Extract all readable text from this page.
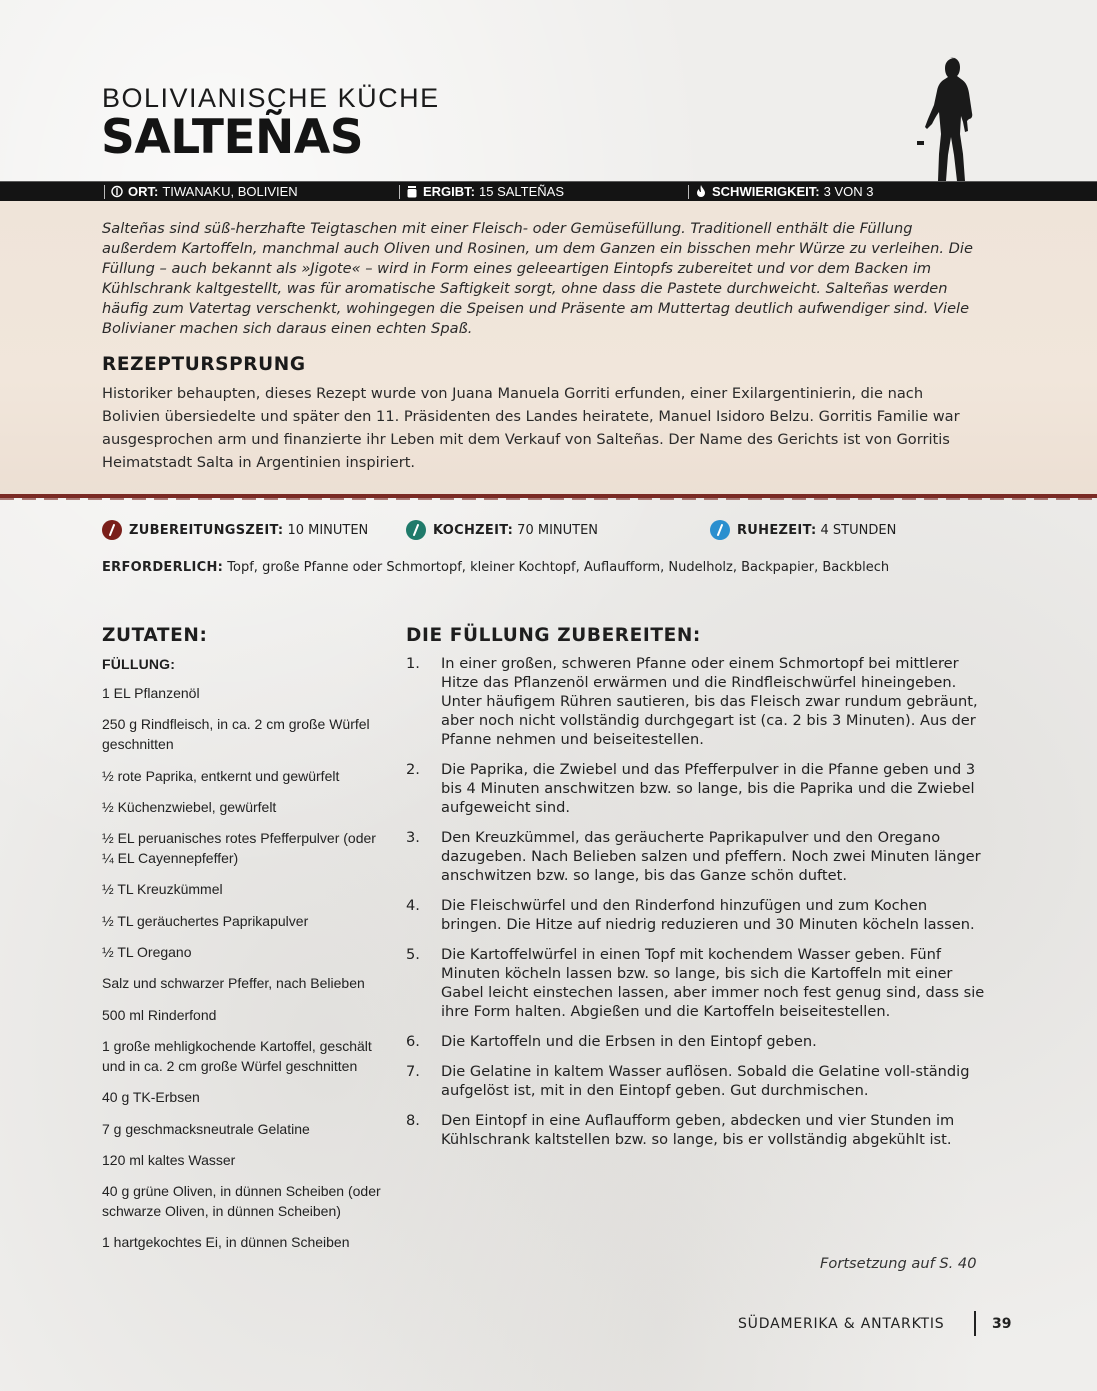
BOLIVIANISCHE KÜCHE
SALTEÑAS
ORT: TIWANAKU, BOLIVIEN	ERGIBT: 15 SALTEÑAS	SCHWIERIGKEIT: 3 VON 3
Salteñas sind süß-herzhafte Teigtaschen mit einer Fleisch- oder Gemüsefüllung. Traditionell enthält die Füllung außerdem Kartoffeln, manchmal auch Oliven und Rosinen, um dem Ganzen ein bisschen mehr Würze zu verleihen. Die Füllung – auch bekannt als »Jigote« – wird in Form eines geleeartigen Eintopfs zubereitet und vor dem Backen im Kühlschrank kaltgestellt, was für aromatische Saftigkeit sorgt, ohne dass die Pastete durchweicht. Salteñas werden häufig zum Vatertag verschenkt, wohingegen die Speisen und Präsente am Muttertag deutlich aufwendiger sind. Viele Bolivianer machen sich daraus einen echten Spaß.
REZEPTURSPRUNG
Historiker behaupten, dieses Rezept wurde von Juana Manuela Gorriti erfunden, einer Exilargentinierin, die nach Bolivien übersiedelte und später den 11. Präsidenten des Landes heiratete, Manuel Isidoro Belzu. Gorritis Familie war ausgesprochen arm und finanzierte ihr Leben mit dem Verkauf von Salteñas. Der Name des Gerichts ist von Gorritis Heimatstadt Salta in Argentinien inspiriert.
ZUBEREITUNGSZEIT: 10 MINUTEN	KOCHZEIT: 70 MINUTEN	RUHEZEIT: 4 STUNDEN
ERFORDERLICH: Topf, große Pfanne oder Schmortopf, kleiner Kochtopf, Auflaufform, Nudelholz, Backpapier, Backblech
ZUTATEN:
FÜLLUNG:
1 EL Pflanzenöl
250 g Rindfleisch, in ca. 2 cm große Würfel geschnitten
½ rote Paprika, entkernt und gewürfelt
½ Küchenzwiebel, gewürfelt
½ EL peruanisches rotes Pfefferpulver (oder ¼ EL Cayennepfeffer)
½ TL Kreuzkümmel
½ TL geräuchertes Paprikapulver
½ TL Oregano
Salz und schwarzer Pfeffer, nach Belieben
500 ml Rinderfond
1 große mehligkochende Kartoffel, geschält und in ca. 2 cm große Würfel geschnitten
40 g TK-Erbsen
7 g geschmacksneutrale Gelatine
120 ml kaltes Wasser
40 g grüne Oliven, in dünnen Scheiben (oder schwarze Oliven, in dünnen Scheiben)
1 hartgekochtes Ei, in dünnen Scheiben
DIE FÜLLUNG ZUBEREITEN:
1.	In einer großen, schweren Pfanne oder einem Schmortopf bei mittlerer Hitze das Pflanzenöl erwärmen und die Rindfleischwürfel hineingeben. Unter häufigem Rühren sautieren, bis das Fleisch zwar rundum gebräunt, aber noch nicht vollständig durchgegart ist (ca. 2 bis 3 Minuten). Aus der Pfanne nehmen und beiseitestellen.
2.	Die Paprika, die Zwiebel und das Pfefferpulver in die Pfanne geben und 3 bis 4 Minuten anschwitzen bzw. so lange, bis die Paprika und die Zwiebel aufgeweicht sind.
3.	Den Kreuzkümmel, das geräucherte Paprikapulver und den Oregano dazugeben. Nach Belieben salzen und pfeffern. Noch zwei Minuten länger anschwitzen bzw. so lange, bis das Ganze schön duftet.
4.	Die Fleischwürfel und den Rinderfond hinzufügen und zum Kochen bringen. Die Hitze auf niedrig reduzieren und 30 Minuten köcheln lassen.
5.	Die Kartoffelwürfel in einen Topf mit kochendem Wasser geben. Fünf Minuten köcheln lassen bzw. so lange, bis sich die Kartoffeln mit einer Gabel leicht einstechen lassen, aber immer noch fest genug sind, dass sie ihre Form halten. Abgießen und die Kartoffeln beiseitestellen.
6.	Die Kartoffeln und die Erbsen in den Eintopf geben.
7.	Die Gelatine in kaltem Wasser auflösen. Sobald die Gelatine voll-ständig aufgelöst ist, mit in den Eintopf geben. Gut durchmischen.
8.	Den Eintopf in eine Auflaufform geben, abdecken und vier Stunden im Kühlschrank kaltstellen bzw. so lange, bis er vollständig abgekühlt ist.
Fortsetzung auf S. 40
SÜDAMERIKA & ANTARKTIS	39
